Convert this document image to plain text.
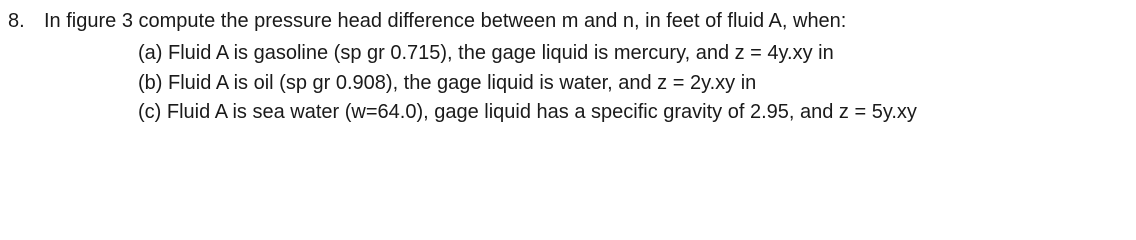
8. In figure 3 compute the pressure head difference between m and n, in feet of fluid A, when:
(a) Fluid A is gasoline (sp gr 0.715), the gage liquid is mercury, and z = 4y.xy in
(b) Fluid A is oil (sp gr 0.908), the gage liquid is water, and z = 2y.xy in
(c) Fluid A is sea water (w=64.0), gage liquid has a specific gravity of 2.95, and z = 5y.xy
